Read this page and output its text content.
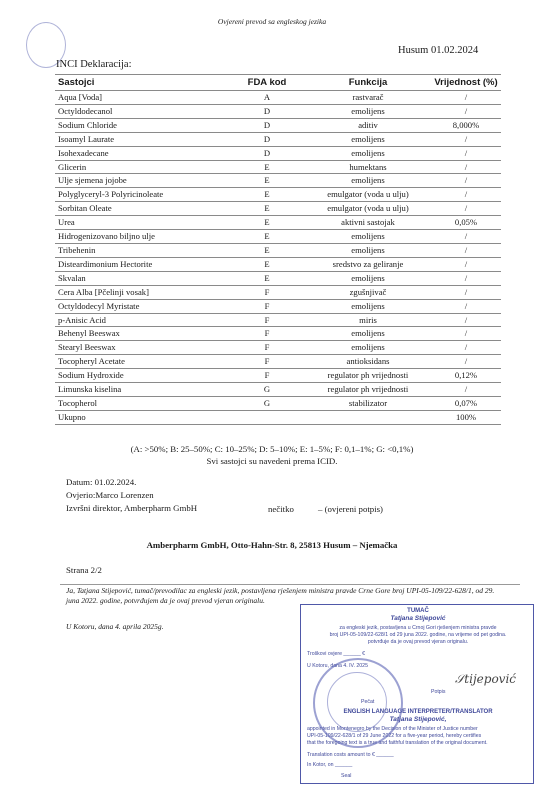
Ovjereni prevod sa engleskog jezika
Husum 01.02.2024
INCI Deklaracija:
Sastojci	FDA kod	Funkcija	Vrijednost (%)
Aqua [Voda]	A	rastvarač	/
Octyldodecanol	D	emolijens	/
Sodium Chloride	D	aditiv	8,000%
Isoamyl Laurate	D	emolijens	/
Isohexadecane	D	emolijens	/
Glicerin	E	humektans	/
Ulje sjemena jojobe	E	emolijens	/
Polyglyceryl-3 Polyricinoleate	E	emulgator (voda u ulju)	/
Sorbitan Oleate	E	emulgator (voda u ulju)	/
Urea	E	aktivni sastojak	0,05%
Hidrogenizovano biljno ulje	E	emolijens	/
Tribehenin	E	emolijens	/
Disteardimonium Hectorite	E	sredstvo za geliranje	/
Skvalan	E	emolijens	/
Cera Alba [Pčelinji vosak]	F	zgušnjivač	/
Octyldodecyl Myristate	F	emolijens	/
p-Anisic Acid	F	miris	/
Behenyl Beeswax	F	emolijens	/
Stearyl Beeswax	F	emolijens	/
Tocopheryl Acetate	F	antioksidans	/
Sodium Hydroxide	F	regulator ph vrijednosti	0,12%
Limunska kiselina	G	regulator ph vrijednosti	/
Tocopherol	G	stabilizator	0,07%
Ukupno			100%
(A: >50%; B: 25–50%; C: 10–25%; D: 5–10%; E: 1–5%; F: 0,1–1%; G: <0,1%)
Svi sastojci su navedeni prema ICID.
Datum: 01.02.2024.
Ovjerio:Marco Lorenzen
Izvršni direktor, Amberpharm GmbH	nečitko	– (ovjereni potpis)
Amberpharm GmbH, Otto-Hahn-Str. 8, 25813 Husum – Njemačka
Strana 2/2
Ja, Tatjana Stijepović, tumač/prevodilac za engleski jezik, postavljena rješenjem ministra pravde Crne Gore broj UPI-05-109/22-628/1, od 29. juna 2022. godine, potvrđujem da je ovaj prevod vjeran originalu.
U Kotoru, dana 4. aprila 2025g.
TUMAČ
Tatjana Stijepović
za engleski jezik, postavljena u Crnoj Gori rješenjem ministra pravde
broj UPI-05-109/22-628/1 od 29 juna 2022. godine, na vrijeme od pet godina.
potvrđuje da je ovaj prevod vjeran originalu.
Troškovi ovjere ______ €
U Kotoru, dana 4. IV. 2025
Potpis
Pečat
ENGLISH LANGUAGE INTERPRETER/TRANSLATOR
Tatjana Stijepović,
appointed in Montenegro by the Decision of the Minister of Justice number
UPI-05-109/22-628/1 of 29 June 2022 for a five-year period, hereby certifies
that the foregoing text is a true and faithful translation of the original document.
Translation costs amount to € ______
In Kotor, on ______
Seal
𝒮tijepović
